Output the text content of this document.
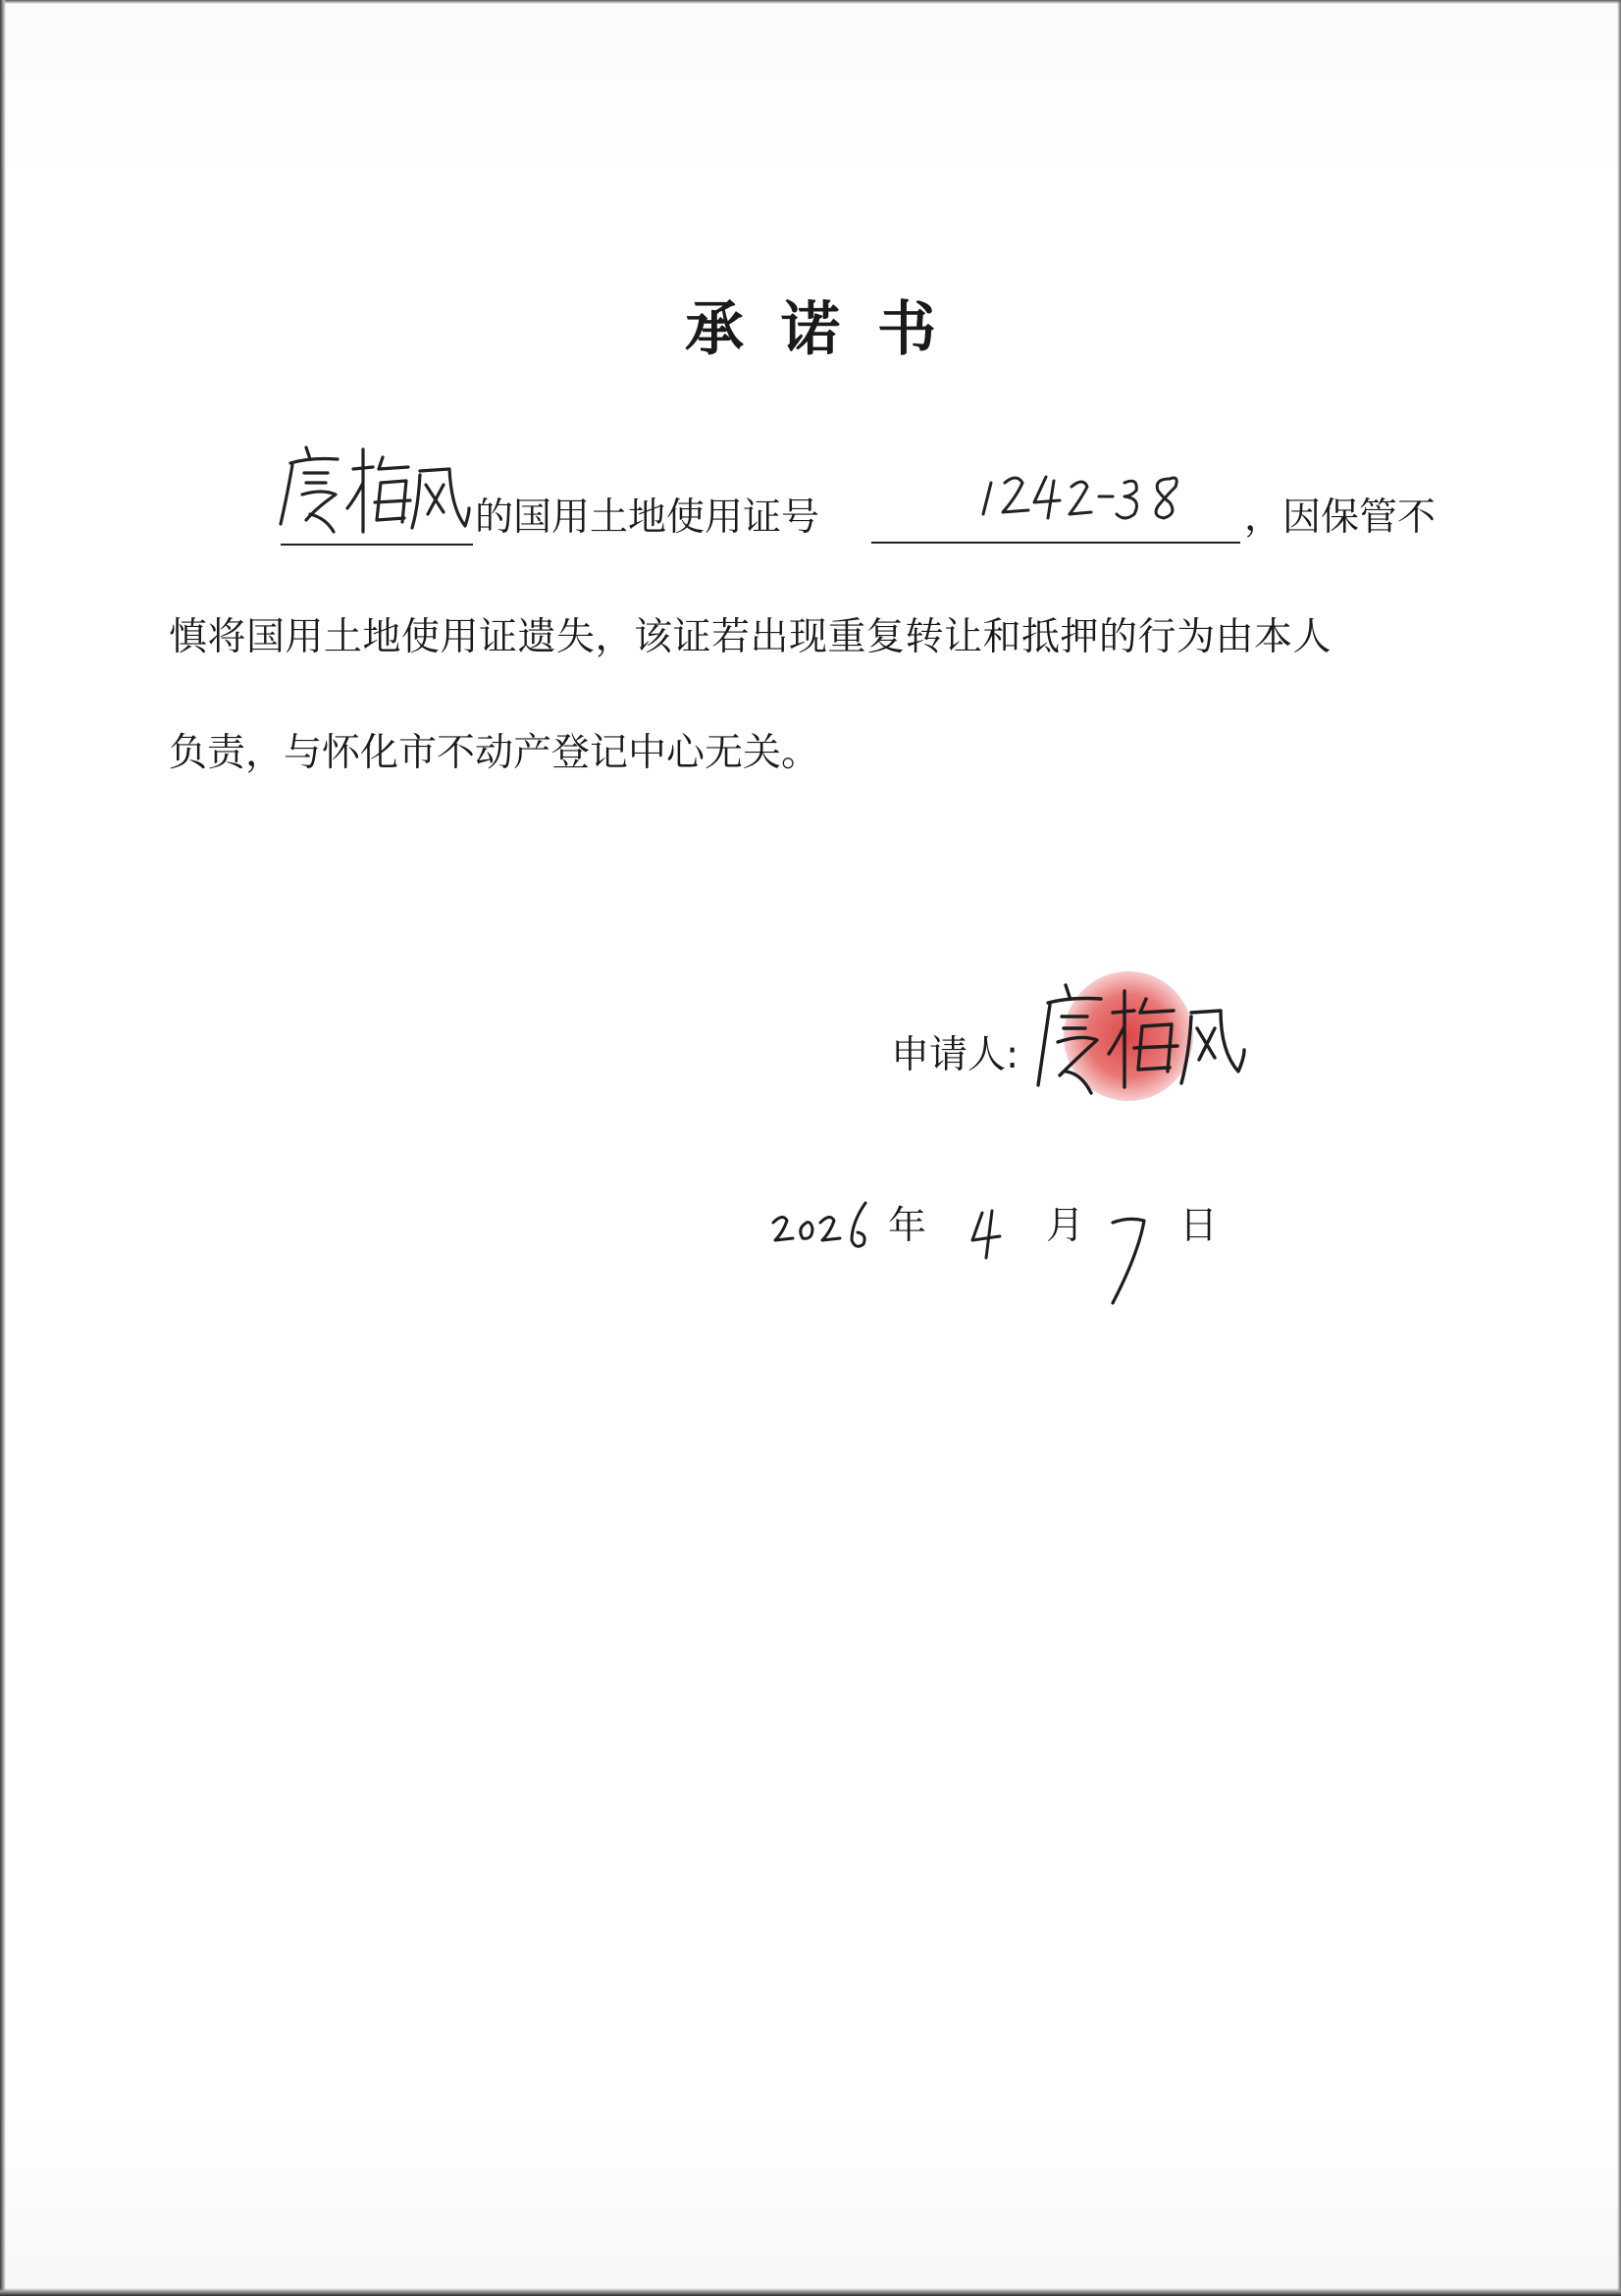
承诺书
的国用土地使用证号	，因保管不
慎将国用土地使用证遗失，该证若出现重复转让和抵押的行为由本人
负责，与怀化市不动产登记中心无关。
申请人:
年	月 日
